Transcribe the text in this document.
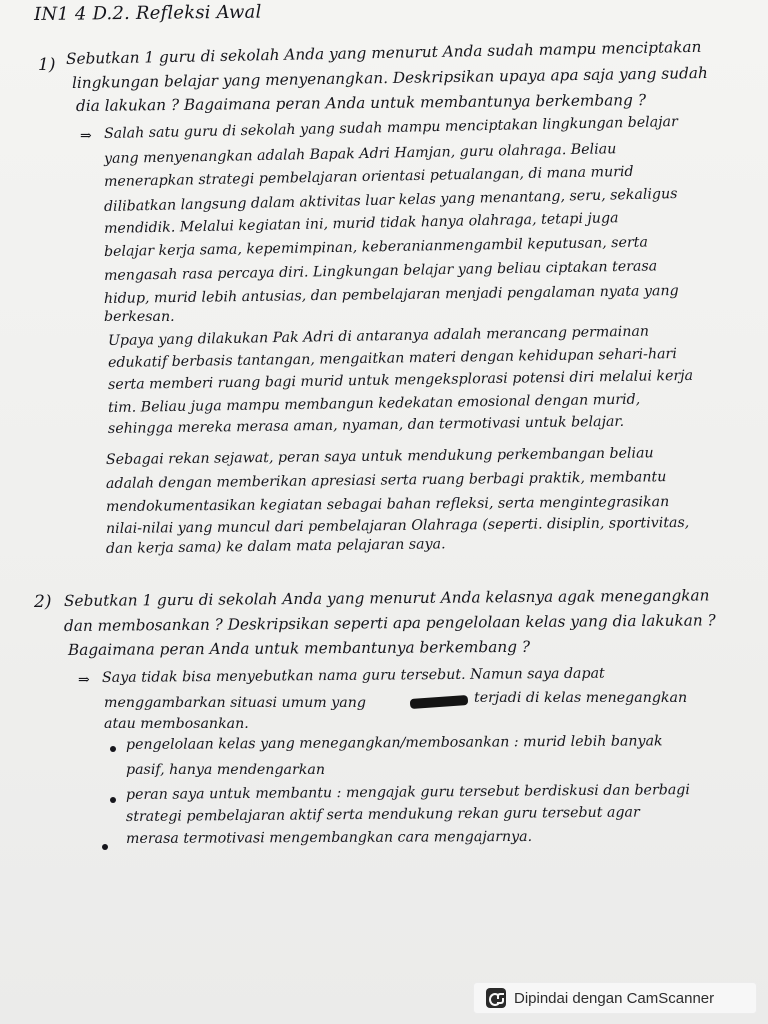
IN1 4 D.2. Refleksi Awal
1) Sebutkan 1 guru di sekolah Anda yang menurut Anda sudah mampu menciptakan
lingkungan belajar yang menyenangkan. Deskripsikan upaya apa saja yang sudah
dia lakukan ? Bagaimana peran Anda untuk membantunya berkembang ?
⇒ Salah satu guru di sekolah yang sudah mampu menciptakan lingkungan belajar
yang menyenangkan adalah Bapak Adri Hamjan, guru olahraga. Beliau
menerapkan strategi pembelajaran orientasi petualangan, di mana murid
dilibatkan langsung dalam aktivitas luar kelas yang menantang, seru, sekaligus
mendidik. Melalui kegiatan ini, murid tidak hanya olahraga, tetapi juga
belajar kerja sama, kepemimpinan, keberanianmengambil keputusan, serta
mengasah rasa percaya diri. Lingkungan belajar yang beliau ciptakan terasa
hidup, murid lebih antusias, dan pembelajaran menjadi pengalaman nyata yang
berkesan.
Upaya yang dilakukan Pak Adri di antaranya adalah merancang permainan
edukatif berbasis tantangan, mengaitkan materi dengan kehidupan sehari-hari
serta memberi ruang bagi murid untuk mengeksplorasi potensi diri melalui kerja
tim. Beliau juga mampu membangun kedekatan emosional dengan murid,
sehingga mereka merasa aman, nyaman, dan termotivasi untuk belajar.
Sebagai rekan sejawat, peran saya untuk mendukung perkembangan beliau
adalah dengan memberikan apresiasi serta ruang berbagi praktik, membantu
mendokumentasikan kegiatan sebagai bahan refleksi, serta mengintegrasikan
nilai-nilai yang muncul dari pembelajaran Olahraga (seperti. disiplin, sportivitas,
dan kerja sama) ke dalam mata pelajaran saya.
2) Sebutkan 1 guru di sekolah Anda yang menurut Anda kelasnya agak menegangkan
dan membosankan ? Deskripsikan seperti apa pengelolaan kelas yang dia lakukan ?
Bagaimana peran Anda untuk membantunya berkembang ?
⇒ Saya tidak bisa menyebutkan nama guru tersebut. Namun saya dapat
menggambarkan situasi umum yang	terjadi di kelas menegangkan
atau membosankan.
pengelolaan kelas yang menegangkan/membosankan : murid lebih banyak
pasif, hanya mendengarkan
peran saya untuk membantu : mengajak guru tersebut berdiskusi dan berbagi
strategi pembelajaran aktif serta mendukung rekan guru tersebut agar
merasa termotivasi mengembangkan cara mengajarnya.
Dipindai dengan CamScanner
